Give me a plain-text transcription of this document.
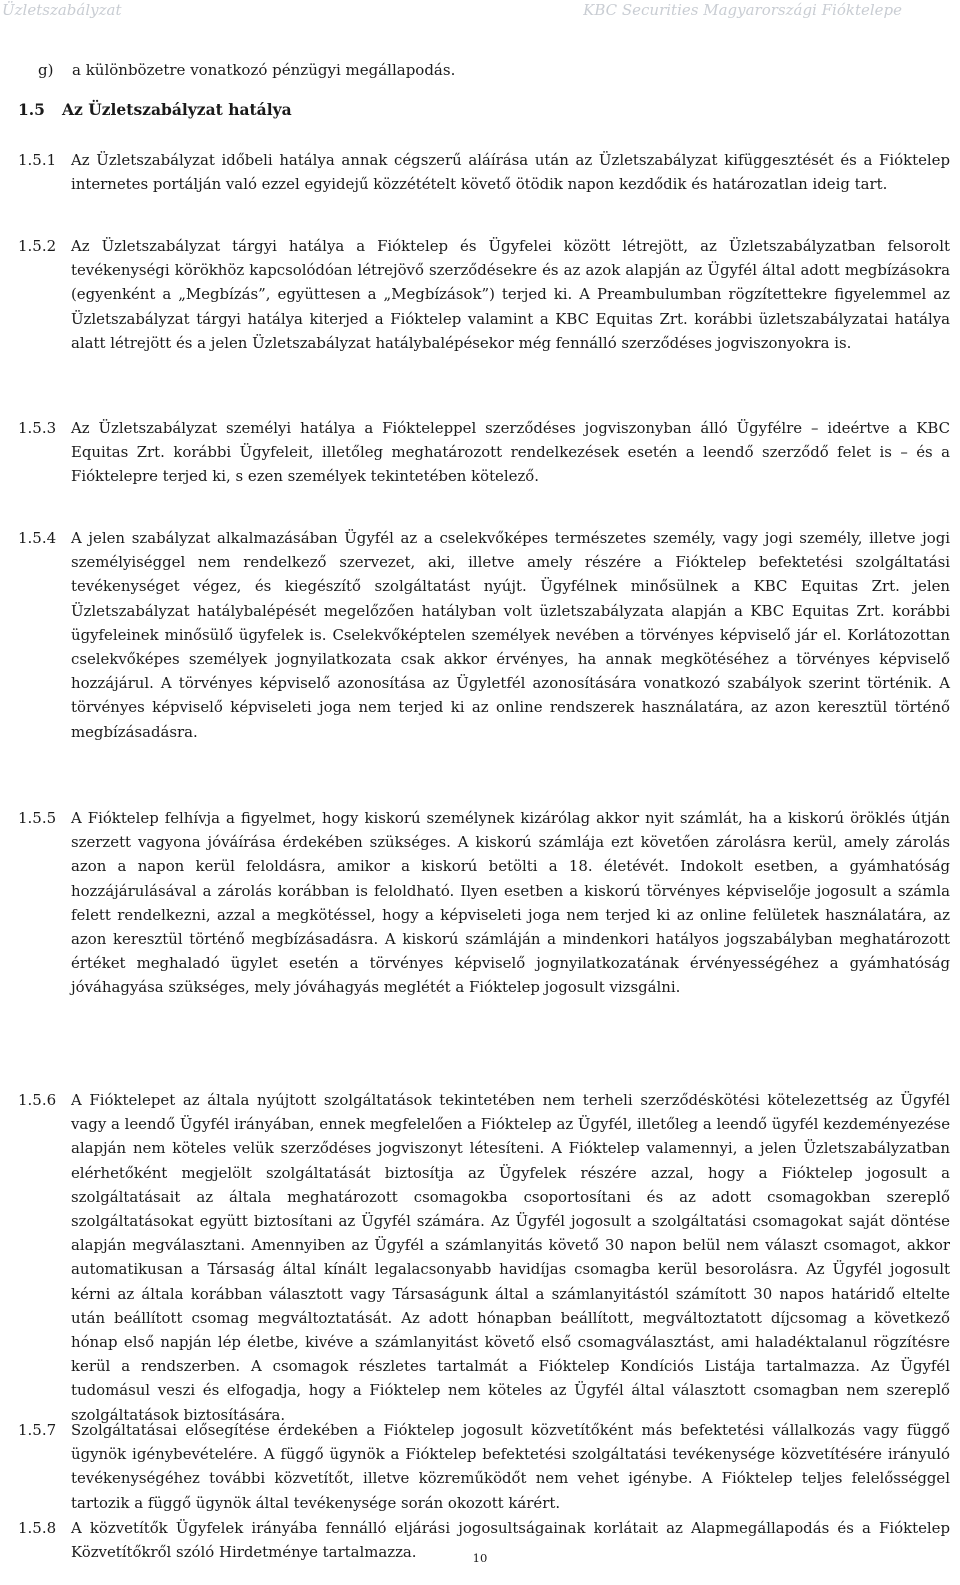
Üzletszabályzat	KBC Securities Magyarországi Fióktelepe
g) a különbözetre vonatkozó pénzügyi megállapodás.
1.5 Az Üzletszabályzat hatálya
1.5.1 Az Üzletszabályzat időbeli hatálya annak cégszerű aláírása után az Üzletszabályzat kifüggesztését és a Fióktelep internetes portálján való ezzel egyidejű közzétételt követő ötödik napon kezdődik és határozatlan ideig tart.

1.5.2 Az Üzletszabályzat tárgyi hatálya a Fióktelep és Ügyfelei között létrejött, az Üzletszabályzatban felsorolt tevékenységi körökhöz kapcsolódóan létrejövő szerződésekre és az azok alapján az Ügyfél által adott megbízásokra (egyenként a „Megbízás”, együttesen a „Megbízások”) terjed ki. A Preambulumban rögzítettekre figyelemmel az Üzletszabályzat tárgyi hatálya kiterjed a Fióktelep valamint a KBC Equitas Zrt. korábbi üzletszabályzatai hatálya alatt létrejött és a jelen Üzletszabályzat hatálybalépésekor még fennálló szerződéses jogviszonyokra is.

1.5.3 Az Üzletszabályzat személyi hatálya a Fiókteleppel szerződéses jogviszonyban álló Ügyfélre – ideértve a KBC Equitas Zrt. korábbi Ügyfeleit, illetőleg meghatározott rendelkezések esetén a leendő szerződő felet is – és a Fióktelepre terjed ki, s ezen személyek tekintetében kötelező.

1.5.4 A jelen szabályzat alkalmazásában Ügyfél az a cselekvőképes természetes személy, vagy jogi személy, illetve jogi személyiséggel nem rendelkező szervezet, aki, illetve amely részére a Fióktelep befektetési szolgáltatási tevékenységet végez, és kiegészítő szolgáltatást nyújt. Ügyfélnek minősülnek a KBC Equitas Zrt. jelen Üzletszabályzat hatálybalépését megelőzően hatályban volt üzletszabályzata alapján a KBC Equitas Zrt. korábbi ügyfeleinek minősülő ügyfelek is. Cselekvőképtelen személyek nevében a törvényes képviselő jár el. Korlátozottan cselekvőképes személyek jognyilatkozata csak akkor érvényes, ha annak megkötéséhez a törvényes képviselő hozzájárul. A törvényes képviselő azonosítása az Ügyletfél azonosítására vonatkozó szabályok szerint történik. A törvényes képviselő képviseleti joga nem terjed ki az online rendszerek használatára, az azon keresztül történő megbízásadásra.

1.5.5 A Fióktelep felhívja a figyelmet, hogy kiskorú személynek kizárólag akkor nyit számlát, ha a kiskorú öröklés útján szerzett vagyona jóváírása érdekében szükséges. A kiskorú számlája ezt követően zárolásra kerül, amely zárolás azon a napon kerül feloldásra, amikor a kiskorú betölti a 18. életévét. Indokolt esetben, a gyámhatóság hozzájárulásával a zárolás korábban is feloldható. Ilyen esetben a kiskorú törvényes képviselője jogosult a számla felett rendelkezni, azzal a megkötéssel, hogy a képviseleti joga nem terjed ki az online felületek használatára, az azon keresztül történő megbízásadásra. A kiskorú számláján a mindenkori hatályos jogszabályban meghatározott értéket meghaladó ügylet esetén a törvényes képviselő jognyilatkozatának érvényességéhez a gyámhatóság jóváhagyása szükséges, mely jóváhagyás meglétét a Fióktelep jogosult vizsgálni.

1.5.6 A Fióktelepet az általa nyújtott szolgáltatások tekintetében nem terheli szerződéskötési kötelezettség az Ügyfél vagy a leendő Ügyfél irányában, ennek megfelelően a Fióktelep az Ügyfél, illetőleg a leendő ügyfél kezdeményezése alapján nem köteles velük szerződéses jogviszonyt létesíteni. A Fióktelep valamennyi, a jelen Üzletszabályzatban elérhetőként megjelölt szolgáltatását biztosítja az Ügyfelek részére azzal, hogy a Fióktelep jogosult a szolgáltatásait az általa meghatározott csomagokba csoportosítani és az adott csomagokban szereplő szolgáltatásokat együtt biztosítani az Ügyfél számára. Az Ügyfél jogosult a szolgáltatási csomagokat saját döntése alapján megválasztani. Amennyiben az Ügyfél a számlanyitás követő 30 napon belül nem választ csomagot, akkor automatikusan a Társaság által kínált legalacsonyabb havidíjas csomagba kerül besorolásra. Az Ügyfél jogosult kérni az általa korábban választott vagy Társaságunk által a számlanyitástól számított 30 napos határidő eltelte után beállított csomag megváltoztatását. Az adott hónapban beállított, megváltoztatott díjcsomag a következő hónap első napján lép életbe, kivéve a számlanyitást követő első csomagválasztást, ami haladéktalanul rögzítésre kerül a rendszerben. A csomagok részletes tartalmát a Fióktelep Kondíciós Listája tartalmazza. Az Ügyfél tudomásul veszi és elfogadja, hogy a Fióktelep nem köteles az Ügyfél által választott csomagban nem szereplő szolgáltatások biztosítására.

1.5.7 Szolgáltatásai elősegítése érdekében a Fióktelep jogosult közvetítőként más befektetési vállalkozás vagy függő ügynök igénybevételére. A függő ügynök a Fióktelep befektetési szolgáltatási tevékenysége közvetítésére irányuló tevékenységéhez további közvetítőt, illetve közreműködőt nem vehet igénybe. A Fióktelep teljes felelősséggel tartozik a függő ügynök által tevékenysége során okozott kárért.

1.5.8 A közvetítők Ügyfelek irányába fennálló eljárási jogosultságainak korlátait az Alapmegállapodás és a Fióktelep Közvetítőkről szóló Hirdetménye tartalmazza.	10
